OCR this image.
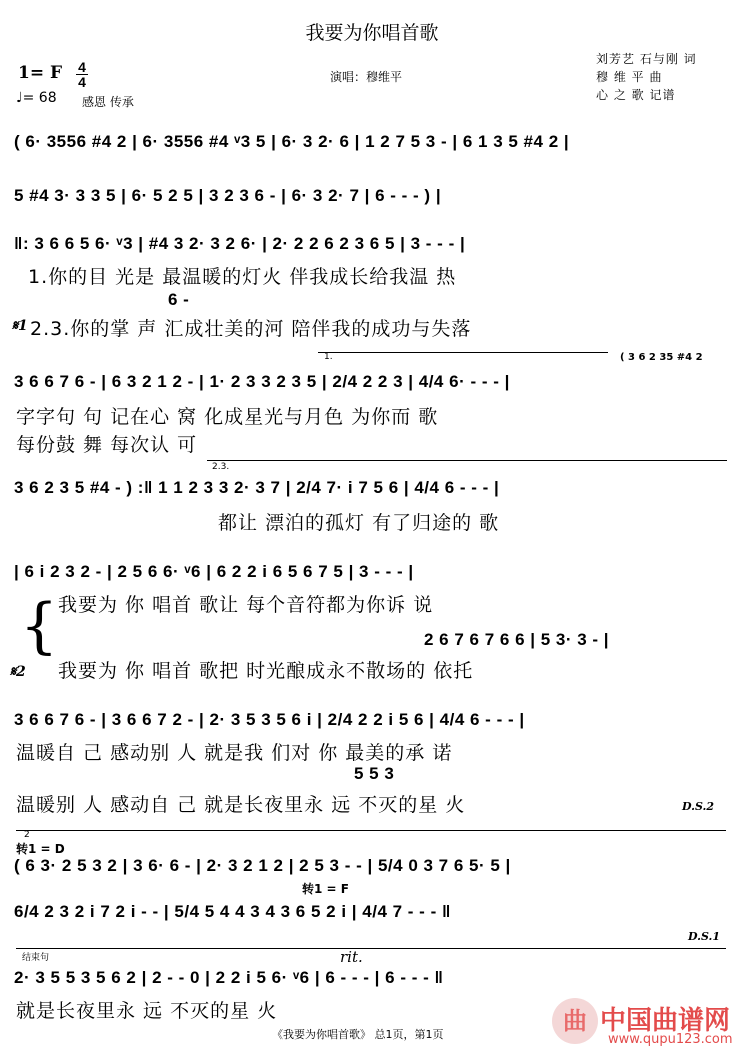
我要为你唱首歌
刘芳艺 石与刚 词
穆 维 平 曲
心 之 歌 记谱
1= F 4
4
♩= 68 感恩 传承
演唱：穆维平
( 6· 3556 #4 2 | 6· 3556 #4 ᵛ3 5 | 6· 3 2· 6 | 1 2 7 5 3 - | 6 1 3 5 #4 2 |
5 #4 3· 3 3 5 | 6· 5 2 5 | 3 2 3 6 - | 6· 3 2· 7 | 6 - - - ) |
‖: 3 6 6 5 6· ᵛ3 | #4 3 2· 3 2 6· | 2· 2 2 6 2 3 6 5 | 3 - - - |
1.你的目 光是 最温暖的灯火 伴我成长给我温 热
6 -
2.3.你的掌 声 汇成壮美的河 陪伴我的成功与失落
𝄋1
1.	( 3 6 2 35 #4 2
3 6 6 7 6 - | 6 3 2 1 2 - | 1· 2 3 3 2 3 5 | 2/4 2 2 3 | 4/4 6· - - - |
字字句 句 记在心 窝 化成星光与月色 为你而 歌
每份鼓 舞 每次认 可
2.3.
3 6 2 3 5 #4 - ) :‖ 1 1 2 3 3 2· 3 7 | 2/4 7· i 7 5 6 | 4/4 6 - - - |
都让 漂泊的孤灯 有了归途的 歌
| 6 i 2 3 2 - | 2 5 6 6· ᵛ6 | 6 2 2 i 6 5 6 7 5 | 3 - - - |
我要为 你 唱首 歌让 每个音符都为你诉 说
2 6 7 6 7 6 6 | 5 3· 3 - |
我要为 你 唱首 歌把 时光酿成永不散场的 依托
{
𝄋2
3 6 6 7 6 - | 3 6 6 7 2 - | 2· 3 5 3 5 6 i | 2/4 2 2 i 5 6 | 4/4 6 - - - |
温暖自 己 感动别 人 就是我 们对 你 最美的承 诺
5 5 3
温暖别 人 感动自 己 就是长夜里永 远 不灭的星 火	D.S.2
2
转1 = D
( 6 3· 2 5 3 2 | 3 6· 6 - | 2· 3 2 1 2 | 2 5 3 - - | 5/4 0 3 7 6 5· 5 |
转1 = F
6/4 2 3 2 i 7 2 i - - | 5/4 5 4 4 3 4 3 6 5 2 i | 4/4 7 - - - ‖
D.S.1
结束句	rit.
2· 3 5 5 3 5 6 2 | 2 - - 0 | 2 2 i 5 6· ᵛ6 | 6 - - - | 6 - - - ‖
就是长夜里永 远 不灭的星 火
《我要为你唱首歌》 总1页，第1页	曲 中国曲谱网
www.qupu123.com
